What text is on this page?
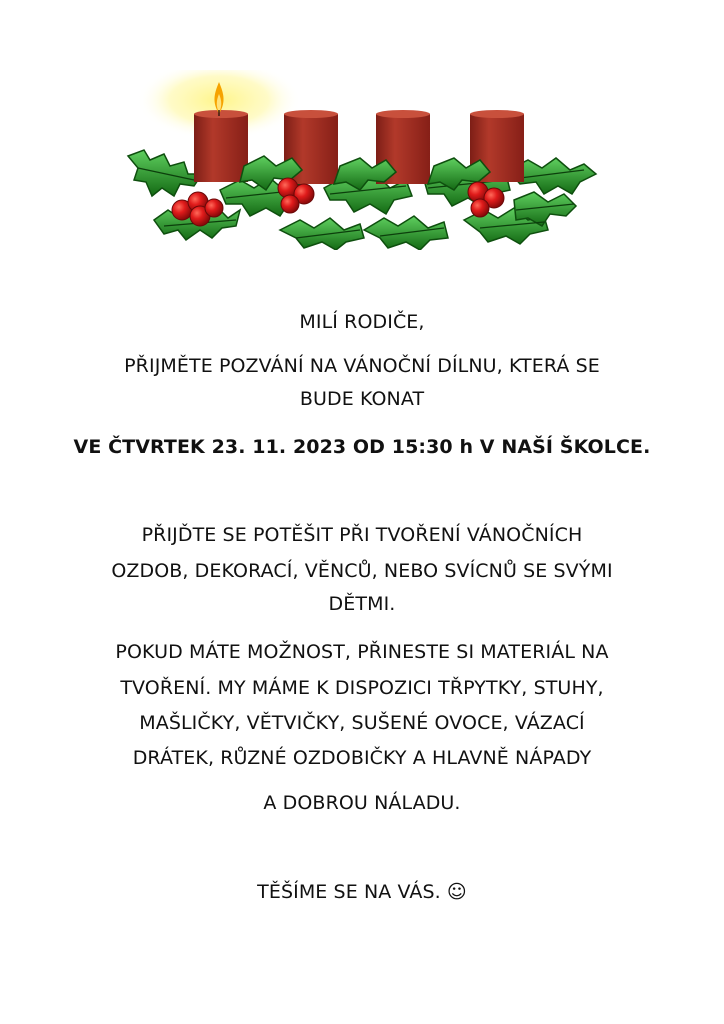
MILÍ RODIČE,
PŘIJMĚTE POZVÁNÍ NA VÁNOČNÍ DÍLNU, KTERÁ SE
BUDE KONAT
VE ČTVRTEK 23. 11. 2023 OD 15:30 h V NAŠÍ ŠKOLCE.
PŘIJĎTE SE POTĚŠIT PŘI TVOŘENÍ VÁNOČNÍCH
OZDOB, DEKORACÍ, VĚNCŮ, NEBO SVÍCNŮ SE SVÝMI
DĚTMI.
POKUD MÁTE MOŽNOST, PŘINESTE SI MATERIÁL NA
TVOŘENÍ. MY MÁME K DISPOZICI TŘPYTKY, STUHY,
MAŠLIČKY, VĚTVIČKY, SUŠENÉ OVOCE, VÁZACÍ
DRÁTEK, RŮZNÉ OZDOBIČKY A HLAVNĚ NÁPADY
A DOBROU NÁLADU.
TĚŠÍME SE NA VÁS. ☺
